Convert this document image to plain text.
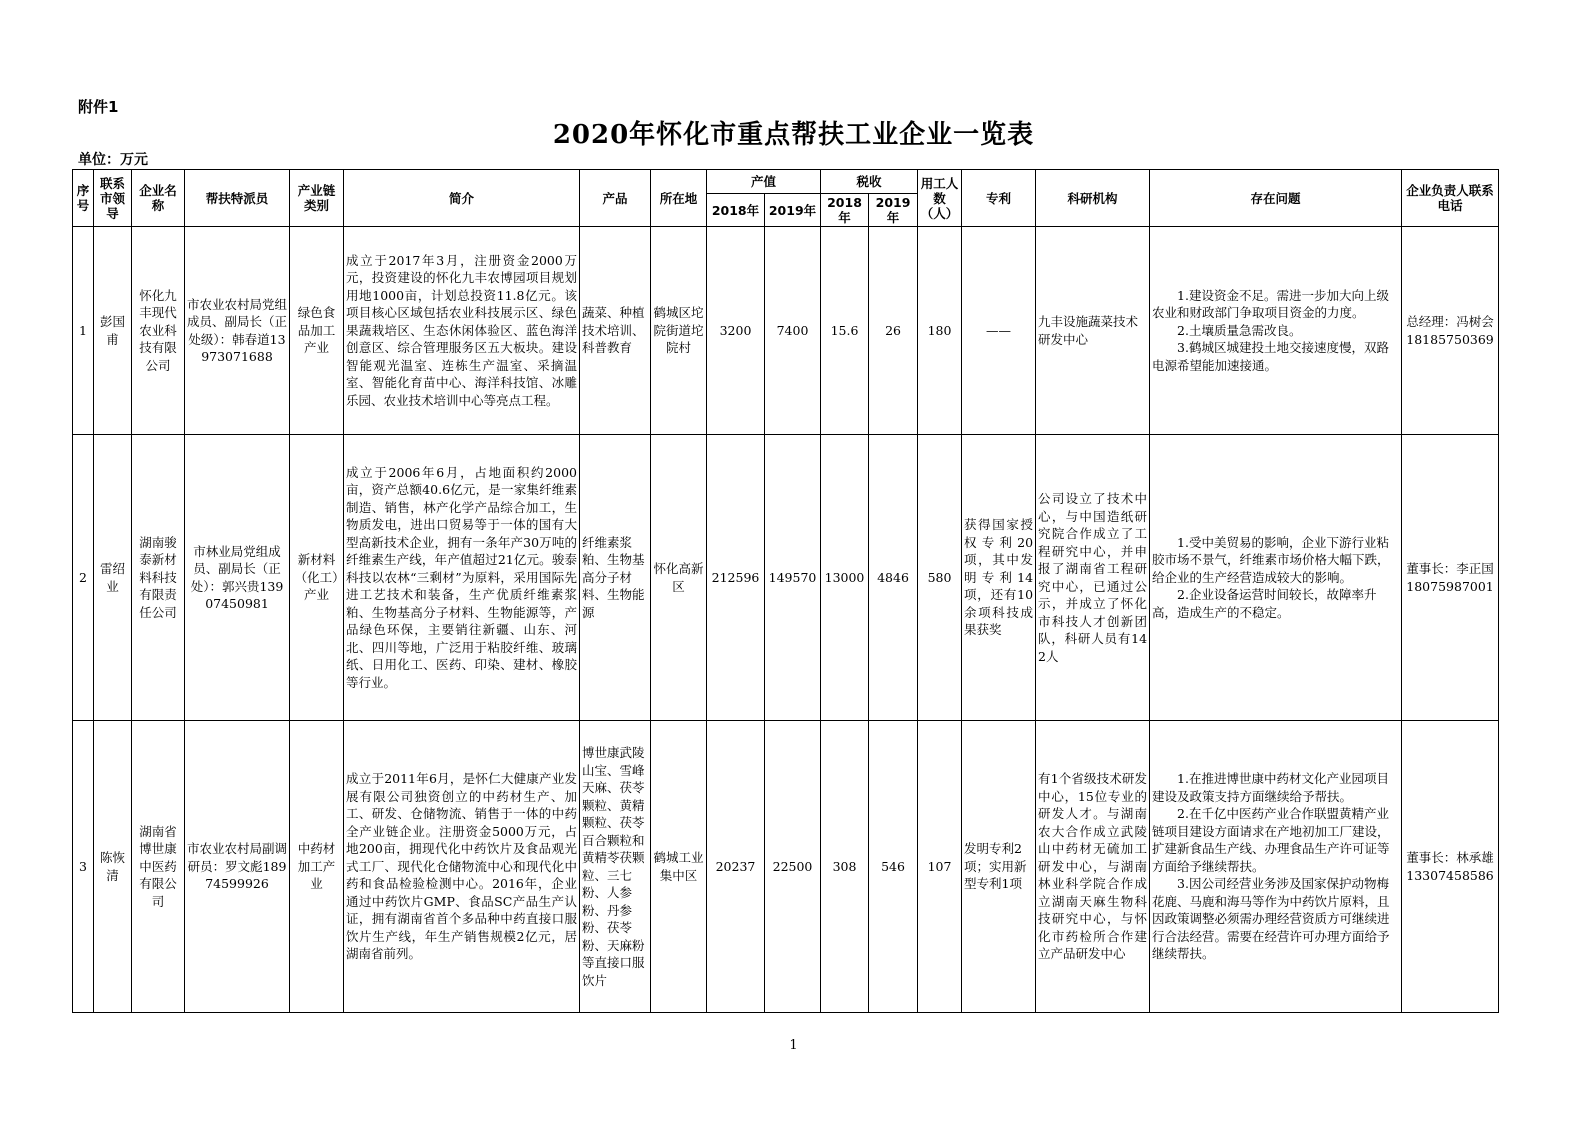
附件1
2020年怀化市重点帮扶工业企业一览表
单位：万元
序号	联系市领导	企业名称	帮扶特派员	产业链类别	简介	产品	所在地	产值		税收		用工人数（人）	专利	科研机构	存在问题	企业负责人联系电话
								2018年	2019年	2018年	2019年					
1	彭国甫	怀化九丰现代农业科技有限公司	市农业农村局党组成员、副局长（正处级）：韩春道13973071688	绿色食品加工产业	成立于2017年3月，注册资金2000万元，投资建设的怀化九丰农博园项目规划用地1000亩，计划总投资11.8亿元。该项目核心区域包括农业科技展示区、绿色果蔬栽培区、生态休闲体验区、蓝色海洋创意区、综合管理服务区五大板块。建设智能观光温室、连栋生产温室、采摘温室、智能化育苗中心、海洋科技馆、冰雕乐园、农业技术培训中心等亮点工程。	蔬菜、种植技术培训、科普教育	鹤城区坨院街道坨院村	3200	7400	15.6	26	180	——	九丰设施蔬菜技术研发中心	　　1.建设资金不足。需进一步加大向上级农业和财政部门争取项目资金的力度。
　　2.土壤质量急需改良。
　　3.鹤城区城建投土地交接速度慢，双路电源希望能加速接通。	总经理：冯树会18185750369
2	雷绍业	湖南骏泰新材料科技有限责任公司	市林业局党组成员、副局长（正处）：郭兴贵13907450981	新材料（化工）产业	成立于2006年6月，占地面积约2000亩，资产总额40.6亿元，是一家集纤维素制造、销售，林产化学产品综合加工，生物质发电，进出口贸易等于一体的国有大型高新技术企业，拥有一条年产30万吨的纤维素生产线，年产值超过21亿元。骏泰科技以农林“三剩材”为原料，采用国际先进工艺技术和装备，生产优质纤维素浆粕、生物基高分子材料、生物能源等，产品绿色环保，主要销往新疆、山东、河北、四川等地，广泛用于粘胶纤维、玻璃纸、日用化工、医药、印染、建材、橡胶等行业。	纤维素浆粕、生物基高分子材料、生物能源	怀化高新区	212596	149570	13000	4846	580	获得国家授权专利20项，其中发明专利14项，还有10余项科技成果获奖	公司设立了技术中心，与中国造纸研究院合作成立了工程研究中心，并申报了湖南省工程研究中心，已通过公示，并成立了怀化市科技人才创新团队，科研人员有142人	　　1.受中美贸易的影响，企业下游行业粘胶市场不景气，纤维素市场价格大幅下跌，给企业的生产经营造成较大的影响。
　　2.企业设备运营时间较长，故障率升高，造成生产的不稳定。	董事长：李正国18075987001
3	陈恢清	湖南省博世康中医药有限公司	市农业农村局副调研员：罗文彪18974599926	中药材加工产业	成立于2011年6月，是怀仁大健康产业发展有限公司独资创立的中药材生产、加工、研发、仓储物流、销售于一体的中药全产业链企业。注册资金5000万元，占地200亩，拥现代化中药饮片及食品观光式工厂、现代化仓储物流中心和现代化中药和食品检验检测中心。2016年，企业通过中药饮片GMP、食品SC产品生产认证，拥有湖南省首个多品种中药直接口服饮片生产线，年生产销售规模2亿元，居湖南省前列。	博世康武陵山宝、雪峰天麻、茯苓颗粒、黄精颗粒、茯苓百合颗粒和黄精苓茯颗粒、三七粉、人参粉、丹参粉、茯苓粉、天麻粉等直接口服饮片	鹤城工业集中区	20237	22500	308	546	107	发明专利2项；实用新型专利1项	有1个省级技术研发中心，15位专业的研发人才。与湖南农大合作成立武陵山中药材无硫加工研发中心，与湖南林业科学院合作成立湖南天麻生物科技研究中心，与怀化市药检所合作建立产品研发中心	　　1.在推进博世康中药材文化产业园项目建设及政策支持方面继续给予帮扶。
　　2.在千亿中医药产业合作联盟黄精产业链项目建设方面请求在产地初加工厂建设，扩建新食品生产线、办理食品生产许可证等方面给予继续帮扶。
　　3.因公司经营业务涉及国家保护动物梅花鹿、马鹿和海马等作为中药饮片原料，且因政策调整必须需办理经营资质方可继续进行合法经营。需要在经营许可办理方面给予继续帮扶。	董事长：林承雄13307458586
1
